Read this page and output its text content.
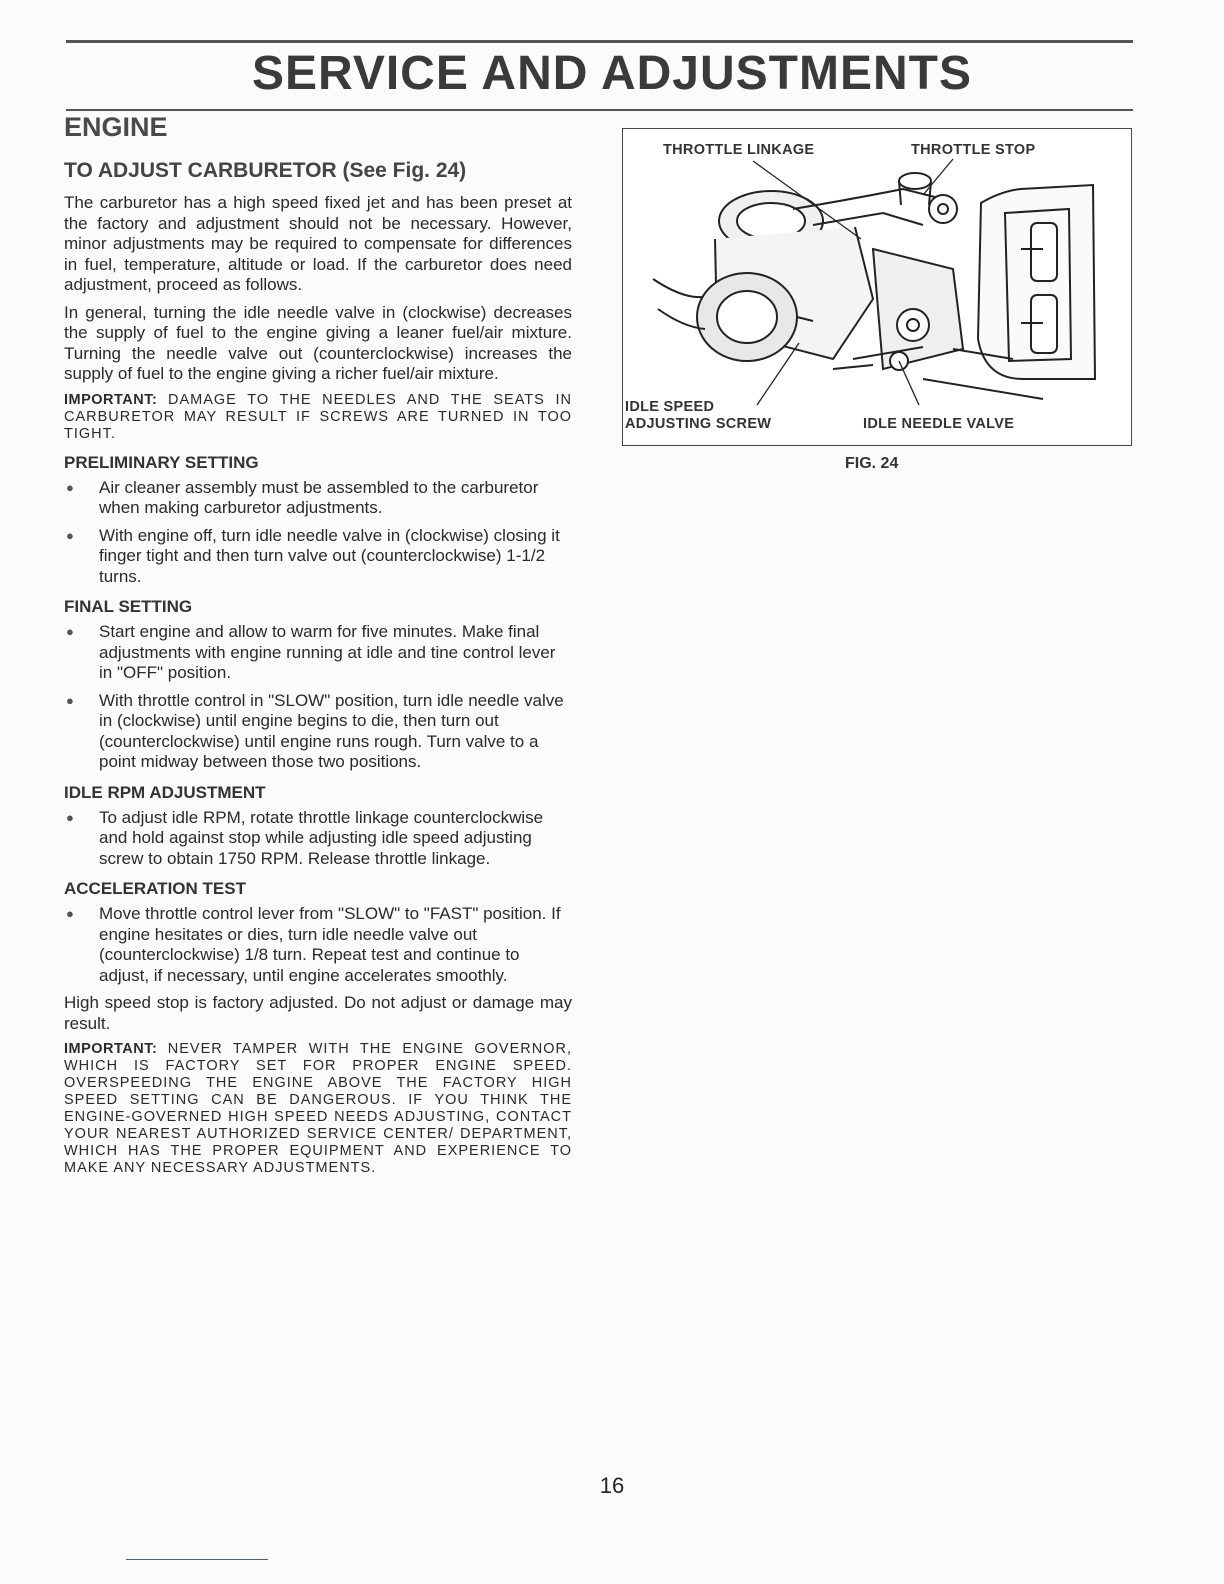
SERVICE AND ADJUSTMENTS
ENGINE
TO ADJUST CARBURETOR (See Fig. 24)

The carburetor has a high speed fixed jet and has been preset at the factory and adjustment should not be necessary. However, minor adjustments may be required to compensate for differences in fuel, temperature, altitude or load. If the carburetor does need adjustment, proceed as follows.

In general, turning the idle needle valve in (clockwise) decreases the supply of fuel to the engine giving a leaner fuel/air mixture. Turning the needle valve out (counterclockwise) increases the supply of fuel to the engine giving a richer fuel/air mixture.

IMPORTANT: DAMAGE TO THE NEEDLES AND THE SEATS IN CARBURETOR MAY RESULT IF SCREWS ARE TURNED IN TOO TIGHT.

PRELIMINARY SETTING
● Air cleaner assembly must be assembled to the carburetor when making carburetor adjustments.
● With engine off, turn idle needle valve in (clockwise) closing it finger tight and then turn valve out (counterclockwise) 1-1/2 turns.
FINAL SETTING
● Start engine and allow to warm for five minutes. Make final adjustments with engine running at idle and tine control lever in "OFF" position.
● With throttle control in "SLOW" position, turn idle needle valve in (clockwise) until engine begins to die, then turn out (counterclockwise) until engine runs rough. Turn valve to a point midway between those two positions.
IDLE RPM ADJUSTMENT
● To adjust idle RPM, rotate throttle linkage counterclockwise and hold against stop while adjusting idle speed adjusting screw to obtain 1750 RPM. Release throttle linkage.
ACCELERATION TEST
● Move throttle control lever from "SLOW" to "FAST" position. If engine hesitates or dies, turn idle needle valve out (counterclockwise) 1/8 turn. Repeat test and continue to adjust, if necessary, until engine accelerates smoothly.

High speed stop is factory adjusted. Do not adjust or damage may result.

IMPORTANT: NEVER TAMPER WITH THE ENGINE GOVERNOR, WHICH IS FACTORY SET FOR PROPER ENGINE SPEED. OVERSPEEDING THE ENGINE ABOVE THE FACTORY HIGH SPEED SETTING CAN BE DANGEROUS. IF YOU THINK THE ENGINE-GOVERNED HIGH SPEED NEEDS ADJUSTING, CONTACT YOUR NEAREST AUTHORIZED SERVICE CENTER/ DEPARTMENT, WHICH HAS THE PROPER EQUIPMENT AND EXPERIENCE TO MAKE ANY NECESSARY ADJUSTMENTS.

THROTTLE LINKAGE	THROTTLE STOP
IDLE SPEED
ADJUSTING SCREW	IDLE NEEDLE VALVE
FIG. 24
16
